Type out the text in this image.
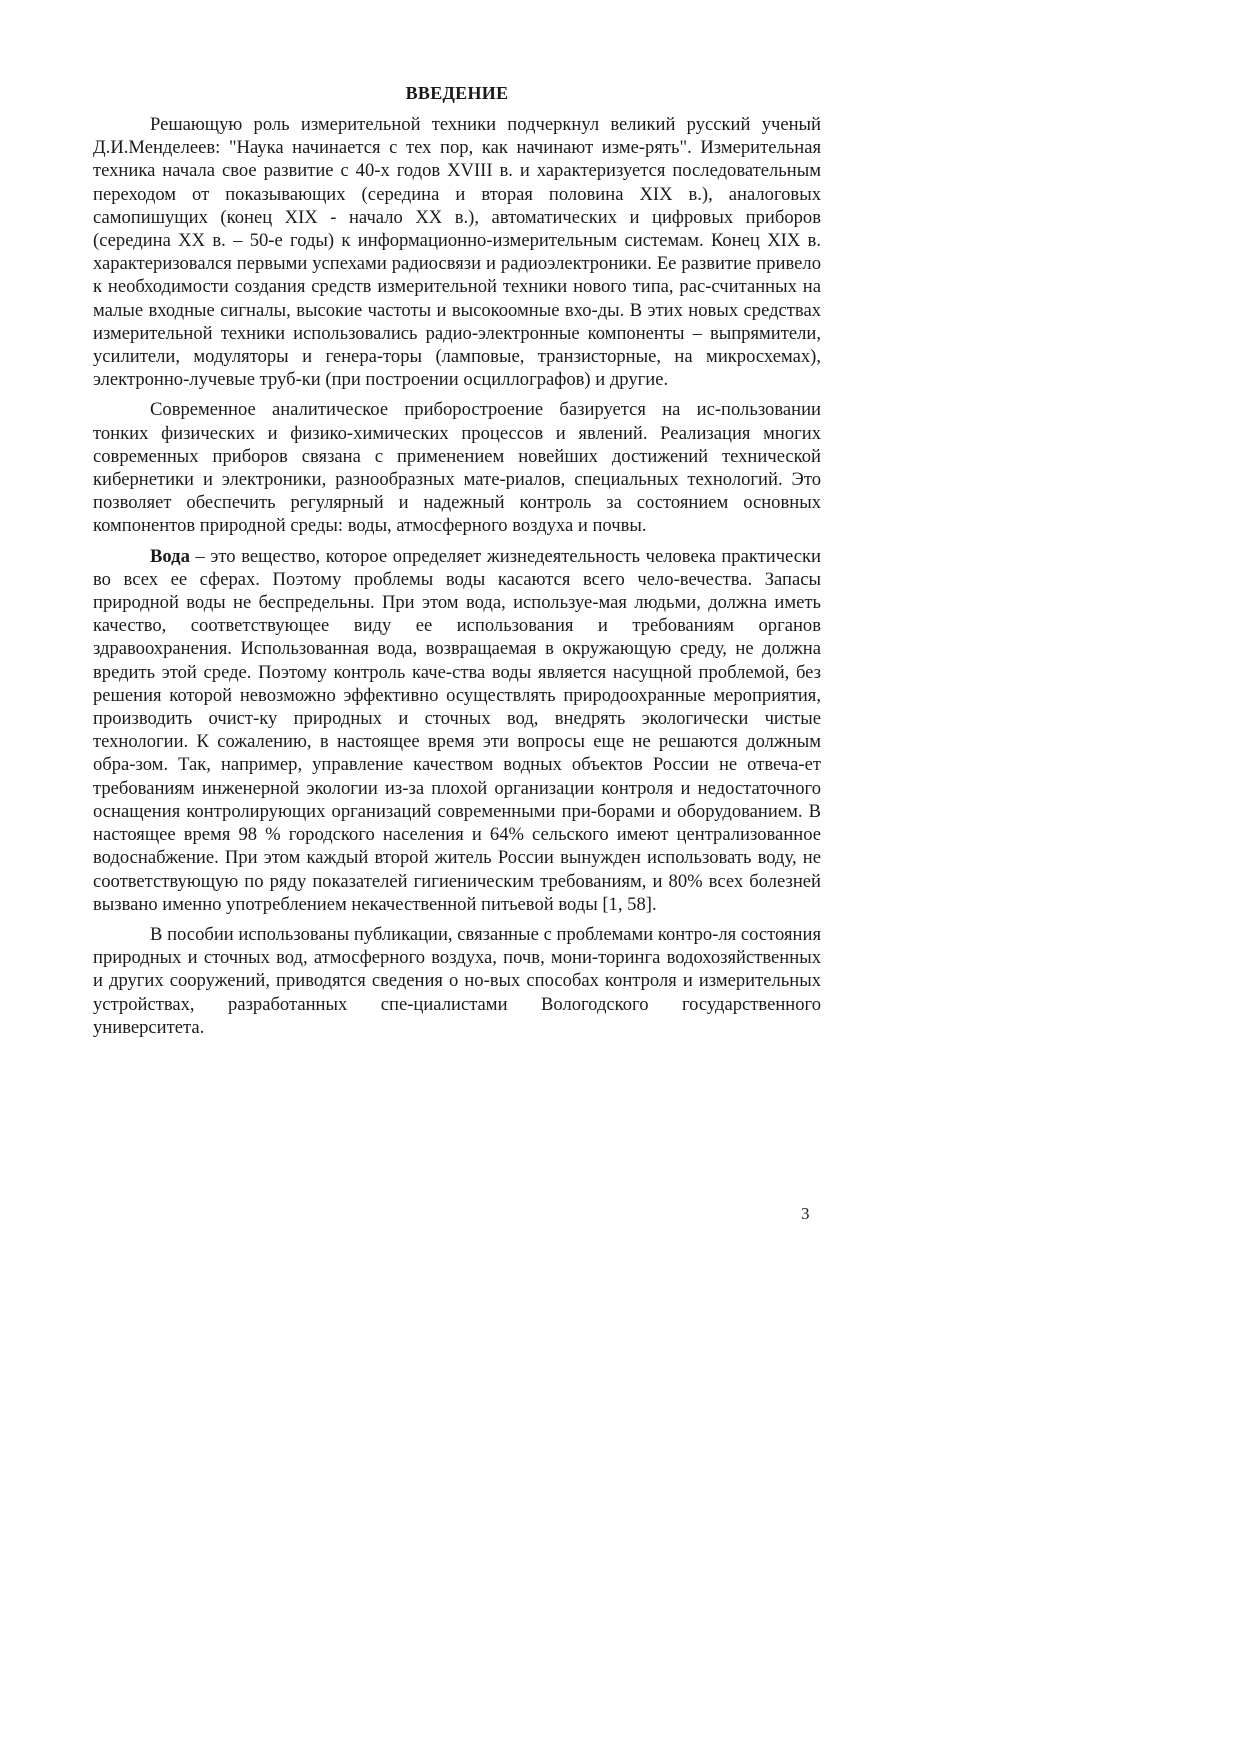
ВВЕДЕНИЕ

Решающую роль измерительной техники подчеркнул великий русский ученый Д.И.Менделеев: "Наука начинается с тех пор, как начинают изме-рять". Измерительная техника начала свое развитие с 40-х годов XVIII в. и характеризуется последовательным переходом от показывающих (середина и вторая половина XIX в.), аналоговых самопишущих (конец XIX - начало XX в.), автоматических и цифровых приборов (середина XX в. – 50-е годы) к информационно-измерительным системам. Конец XIX в. характеризовался первыми успехами радиосвязи и радиоэлектроники. Ее развитие привело к необходимости создания средств измерительной техники нового типа, рас-считанных на малые входные сигналы, высокие частоты и высокоомные вхо-ды. В этих новых средствах измерительной техники использовались радио-электронные компоненты – выпрямители, усилители, модуляторы и генера-торы (ламповые, транзисторные, на микросхемах), электронно-лучевые труб-ки (при построении осциллографов) и другие.

Современное аналитическое приборостроение базируется на ис-пользовании тонких физических и физико-химических процессов и явлений. Реализация многих современных приборов связана с применением новейших достижений технической кибернетики и электроники, разнообразных мате-риалов, специальных технологий. Это позволяет обеспечить регулярный и надежный контроль за состоянием основных компонентов природной среды: воды, атмосферного воздуха и почвы.

Вода – это вещество, которое определяет жизнедеятельность человека практически во всех ее сферах. Поэтому проблемы воды касаются всего чело-вечества. Запасы природной воды не беспредельны. При этом вода, используе-мая людьми, должна иметь качество, соответствующее виду ее использования и требованиям органов здравоохранения. Использованная вода, возвращаемая в окружающую среду, не должна вредить этой среде. Поэтому контроль каче-ства воды является насущной проблемой, без решения которой невозможно эффективно осуществлять природоохранные мероприятия, производить очист-ку природных и сточных вод, внедрять экологически чистые технологии. К сожалению, в настоящее время эти вопросы еще не решаются должным обра-зом. Так, например, управление качеством водных объектов России не отвеча-ет требованиям инженерной экологии из-за плохой организации контроля и недостаточного оснащения контролирующих организаций современными при-борами и оборудованием. В настоящее время 98 % городского населения и 64% сельского имеют централизованное водоснабжение. При этом каждый второй житель России вынужден использовать воду, не соответствующую по ряду показателей гигиеническим требованиям, и 80% всех болезней вызвано именно употреблением некачественной питьевой воды [1, 58].

В пособии использованы публикации, связанные с проблемами контро-ля состояния природных и сточных вод, атмосферного воздуха, почв, мони-торинга водохозяйственных и других сооружений, приводятся сведения о но-вых способах контроля и измерительных устройствах, разработанных спе-циалистами Вологодского государственного университета.

3
